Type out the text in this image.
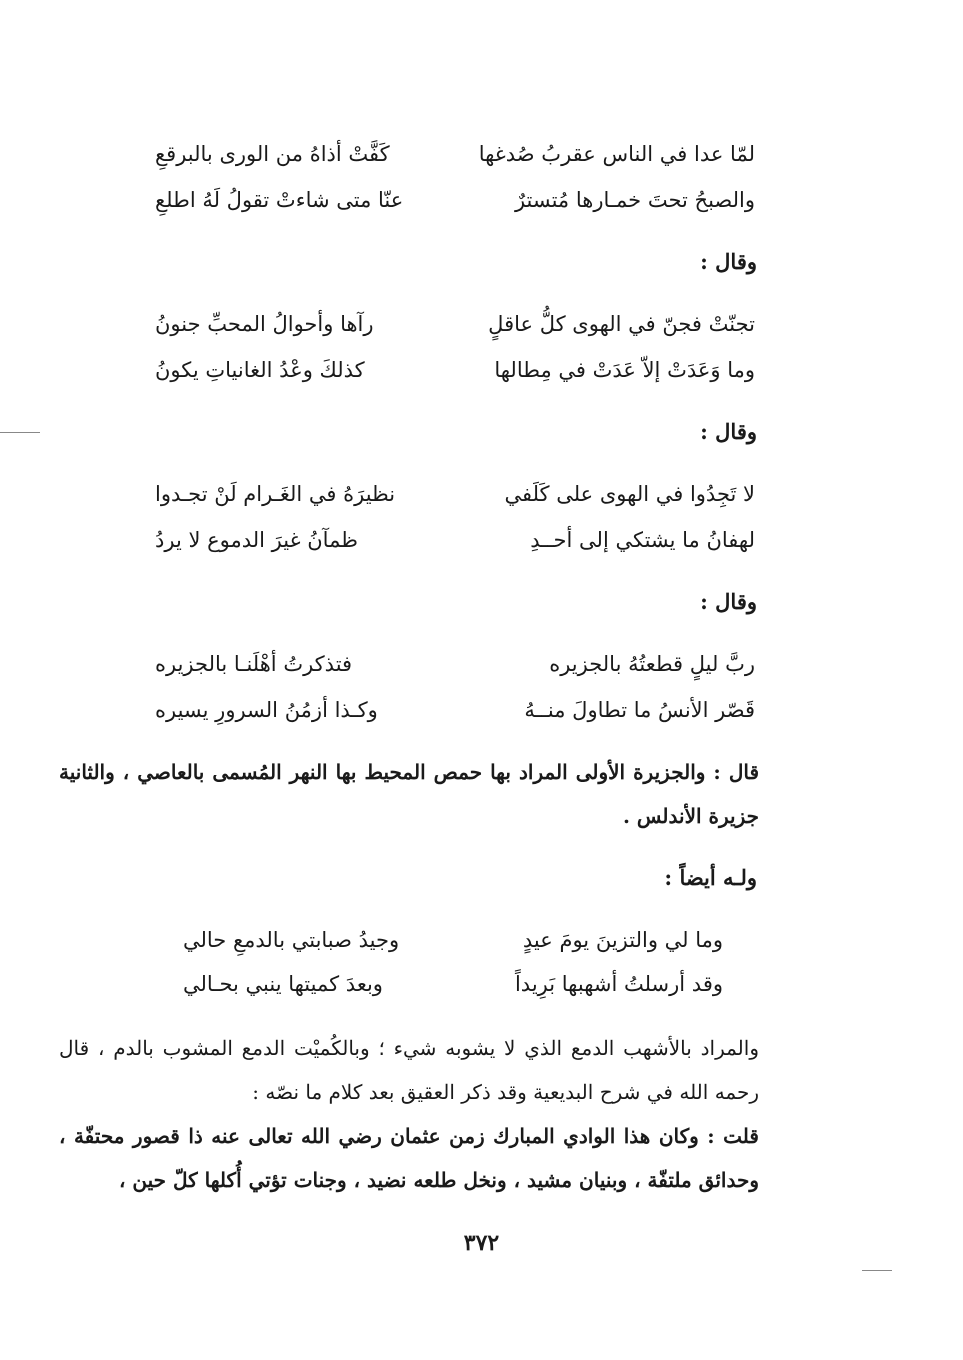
لمّا عدا في الناس عقربُ صُدغها
كَفَّتْ أذاهُ من الورى بالبرقعِ
والصبحُ تحتَ خمـارها مُتسترٌ
عنّا متى شاءتْ تقولُ لَهُ اطلعِ
وقال :
تجنّتْ فجنّ في الهوى كلُّ عاقلٍ
رآها وأحوالُ المحبِّ جنونُ
وما وَعَدَتْ إلاّ عَدَتْ في مِطالها
كذلكَ وعْدُ الغانياتِ يكونُ
وقال :
لا تَجِدُوا في الهوى على كَلَفي
نظيرَهُ في الغَـرام لَنْ تجـدوا
لهفانُ ما يشتكي إلى أحــدِ
ظمآنُ غيرَ الدموع لا يردُ
وقال :
ربَّ ليلٍ قطعتُهُ بالجزيره
فتذكرتُ أهْلَنـا بالجزيره
قَصّر الأنسُ ما تطاولَ منــهُ
وكـذا أزمُنُ السرورِ يسيره
قال : والجزيرة الأولى المراد بها حمص المحيط بها النهر المُسمى بالعاصي ، والثانية جزيرة الأندلس .
ولـه أيضاً :
وما لي والتزينَ يومَ عيدٍ
وجيدُ صبابتي بالدمعِ حالي
وقد أرسلتُ أشهبها بَرِيداً
وبعدَ كميتها ينبي بحـالي
والمراد بالأشهب الدمع الذي لا يشوبه شيء ؛ وبالكُميْت الدمع المشوب بالدم ، قال رحمه الله في شرح البديعية وقد ذكر العقيق بعد كلام ما نصّه :
قلت : وكان هذا الوادي المبارك زمن عثمان رضي الله تعالى عنه ذا قصور محتفّة ، وحدائق ملتفّة ، وبنيان مشيد ، ونخل طلعه نضيد ، وجنات تؤتي أُكلها كلّ حين ،
٣٧٢
